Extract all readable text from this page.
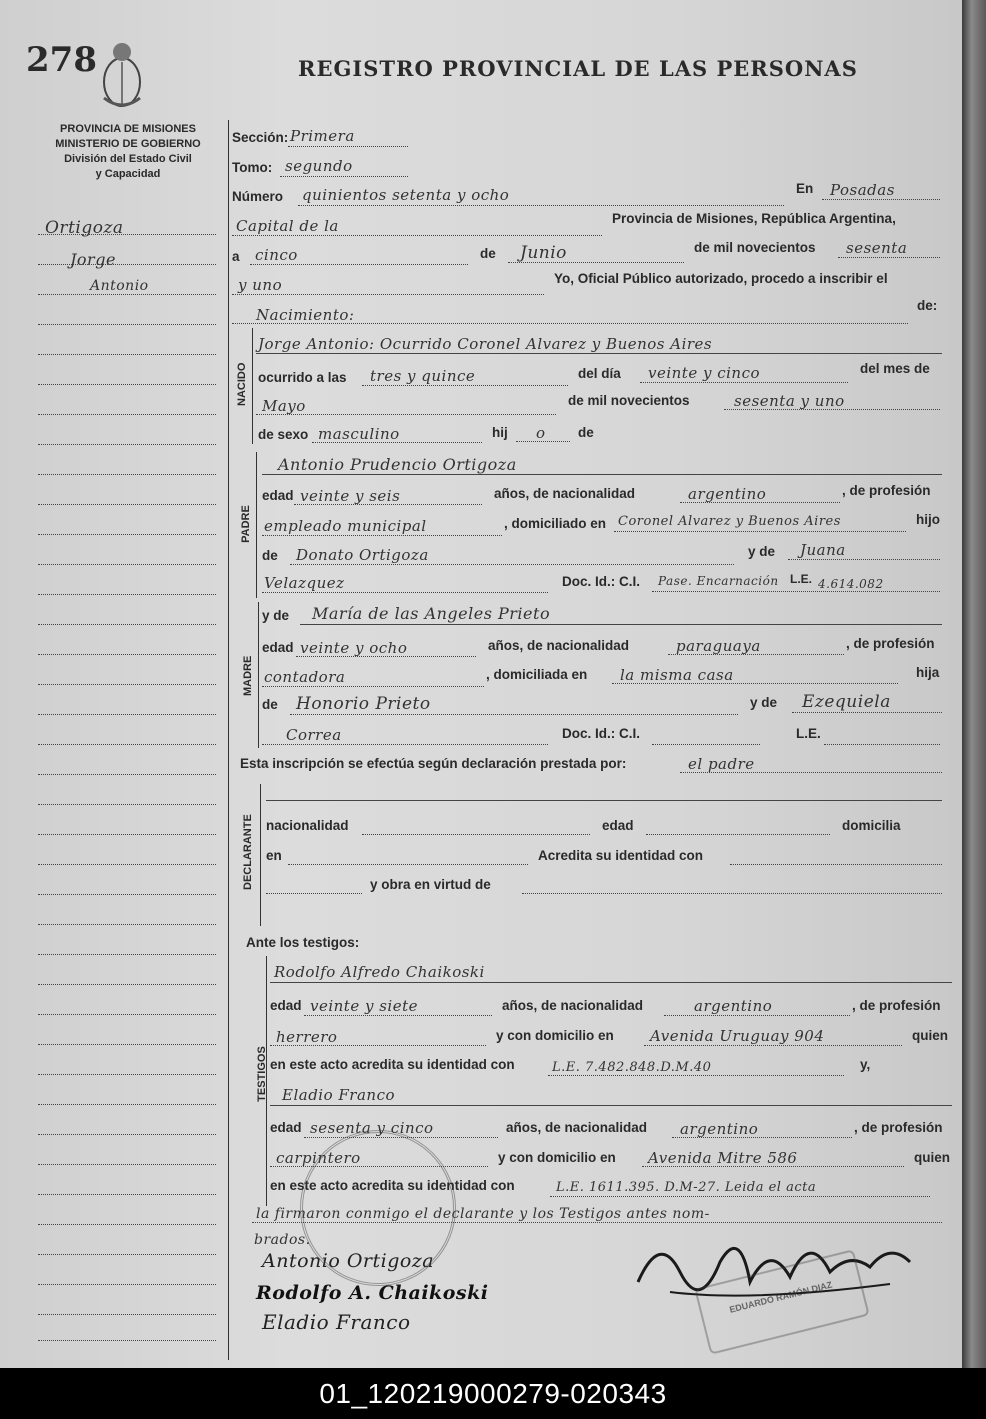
278	REGISTRO PROVINCIAL DE LAS PERSONAS
PROVINCIA DE MISIONES
MINISTERIO DE GOBIERNO
División del Estado Civil
y Capacidad
Ortigoza
Jorge
Antonio
Sección: Primera
Tomo: segundo
Número quinientos setenta y ocho	En Posadas
Capital de la	Provincia de Misiones, República Argentina,
a cinco	de Junio	de mil novecientos sesenta
y uno	Yo, Oficial Público autorizado, procedo a inscribir el
Nacimiento:
de:
NACIDO
Jorge Antonio: Ocurrido Coronel Alvarez y Buenos Aires
ocurrido a las tres y quince	del día veinte y cinco	del mes de
Mayo	de mil novecientos	sesenta y uno
de sexo masculino	hij o de
PADRE
Antonio Prudencio Ortigoza
edad veinte y seis	años, de nacionalidad	argentino	, de profesión
empleado municipal	, domiciliado en Coronel Alvarez y Buenos Aires	hijo
de Donato Ortigoza	y de Juana
Velazquez	Doc. Id.: C.I. Pase. Encarnación L.E. 4.614.082
MADRE
y de María de las Angeles Prieto
edad veinte y ocho	años, de nacionalidad	paraguaya	, de profesión
contadora	, domiciliada en la misma casa	hija
de Honorio Prieto	y de Ezequiela
Correa	Doc. Id.: C.I.	L.E.
Esta inscripción se efectúa según declaración prestada por:	el padre
DECLARANTE nacionalidad	edad	domicilia
en	Acredita su identidad con
y obra en virtud de
Ante los testigos:
TESTIGOS
Rodolfo Alfredo Chaikoski
edad veinte y siete	años, de nacionalidad	argentino	, de profesión
herrero	y con domicilio en Avenida Uruguay 904	quien
en este acto acredita su identidad con	L.E. 7.482.848.D.M.40	y,
Eladio Franco
edad sesenta y cinco	años, de nacionalidad argentino	, de profesión
carpintero	y con domicilio en Avenida Mitre 586	quien
en este acto acredita su identidad con	L.E. 1611.395. D.M-27. Leida el acta
la firmaron conmigo el declarante y los Testigos antes nom-
brados.
Antonio Ortigoza
Rodolfo A. Chaikoski
Eladio Franco
EDUARDO RAMÓN DIAZ
01_120219000279-020343
